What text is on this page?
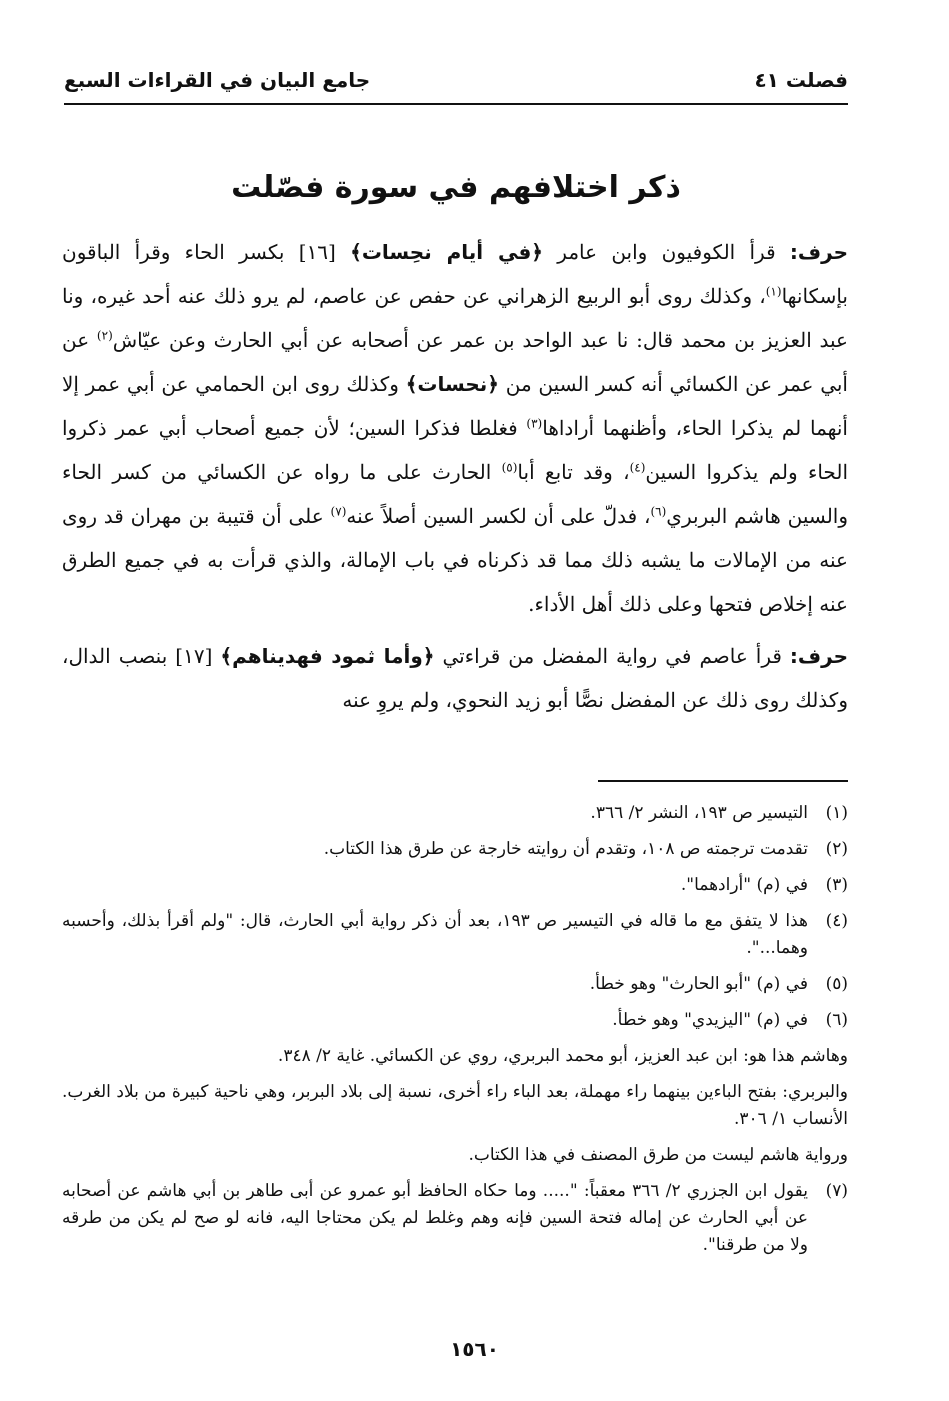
فصلت ٤١
جامع البيان في القراءات السبع
ذكر اختلافهم في سورة فصّلت

حرف: قرأ الكوفيون وابن عامر ﴿في أيام نحِسات﴾ [١٦] بكسر الحاء وقرأ الباقون بإسكانها$^{(١)}$، وكذلك روى أبو الربيع الزهراني عن حفص عن عاصم، لم يرو ذلك عنه أحد غيره، ونا عبد العزيز بن محمد قال: نا عبد الواحد بن عمر عن أصحابه عن أبي الحارث وعن عيّاش$^{(٢)}$ عن أبي عمر عن الكسائي أنه كسر السين من ﴿نحسات﴾ وكذلك روى ابن الحمامي عن أبي عمر إلا أنهما لم يذكرا الحاء، وأظنهما أراداها$^{(٣)}$ فغلطا فذكرا السين؛ لأن جميع أصحاب أبي عمر ذكروا الحاء ولم يذكروا السين$^{(٤)}$، وقد تابع أبا$^{(٥)}$ الحارث على ما رواه عن الكسائي من كسر الحاء والسين هاشم البربري$^{(٦)}$، فدلّ على أن لكسر السين أصلاً عنه$^{(٧)}$ على أن قتيبة بن مهران قد روى عنه من الإمالات ما يشبه ذلك مما قد ذكرناه في باب الإمالة، والذي قرأت به في جميع الطرق عنه إخلاص فتحها وعلى ذلك أهل الأداء.

حرف: قرأ عاصم في رواية المفضل من قراءتي ﴿وأما ثمود فهديناهم﴾ [١٧] بنصب الدال، وكذلك روى ذلك عن المفضل نصًّا أبو زيد النحوي، ولم يروِ عنه

(١)التيسير ص ١٩٣، النشر ٢/ ٣٦٦.
(٢)تقدمت ترجمته ص ١٠٨، وتقدم أن روايته خارجة عن طرق هذا الكتاب.
(٣)في (م) "أرادهما".
(٤)هذا لا يتفق مع ما قاله في التيسير ص ١٩٣، بعد أن ذكر رواية أبي الحارث، قال: "ولم أقرأ بذلك، وأحسبه وهما...".
(٥)في (م) "أبو الحارث" وهو خطأ.
(٦)في (م) "اليزيدي" وهو خطأ.
وهاشم هذا هو: ابن عبد العزيز، أبو محمد البربري، روي عن الكسائي. غاية ٢/ ٣٤٨.
والبربري: بفتح الباءين بينهما راء مهملة، بعد الباء راء أخرى، نسبة إلى بلاد البربر، وهي ناحية كبيرة من بلاد الغرب. الأنساب ١/ ٣٠٦.
ورواية هاشم ليست من طرق المصنف في هذا الكتاب.
(٧)يقول ابن الجزري ٢/ ٣٦٦ معقباً: "..... وما حكاه الحافظ أبو عمرو عن أبى طاهر بن أبي هاشم عن أصحابه عن أبي الحارث عن إماله فتحة السين فإنه وهم وغلط لم يكن محتاجا اليه، فانه لو صح لم يكن من طرقه ولا من طرقنا".
١٥٦٠
